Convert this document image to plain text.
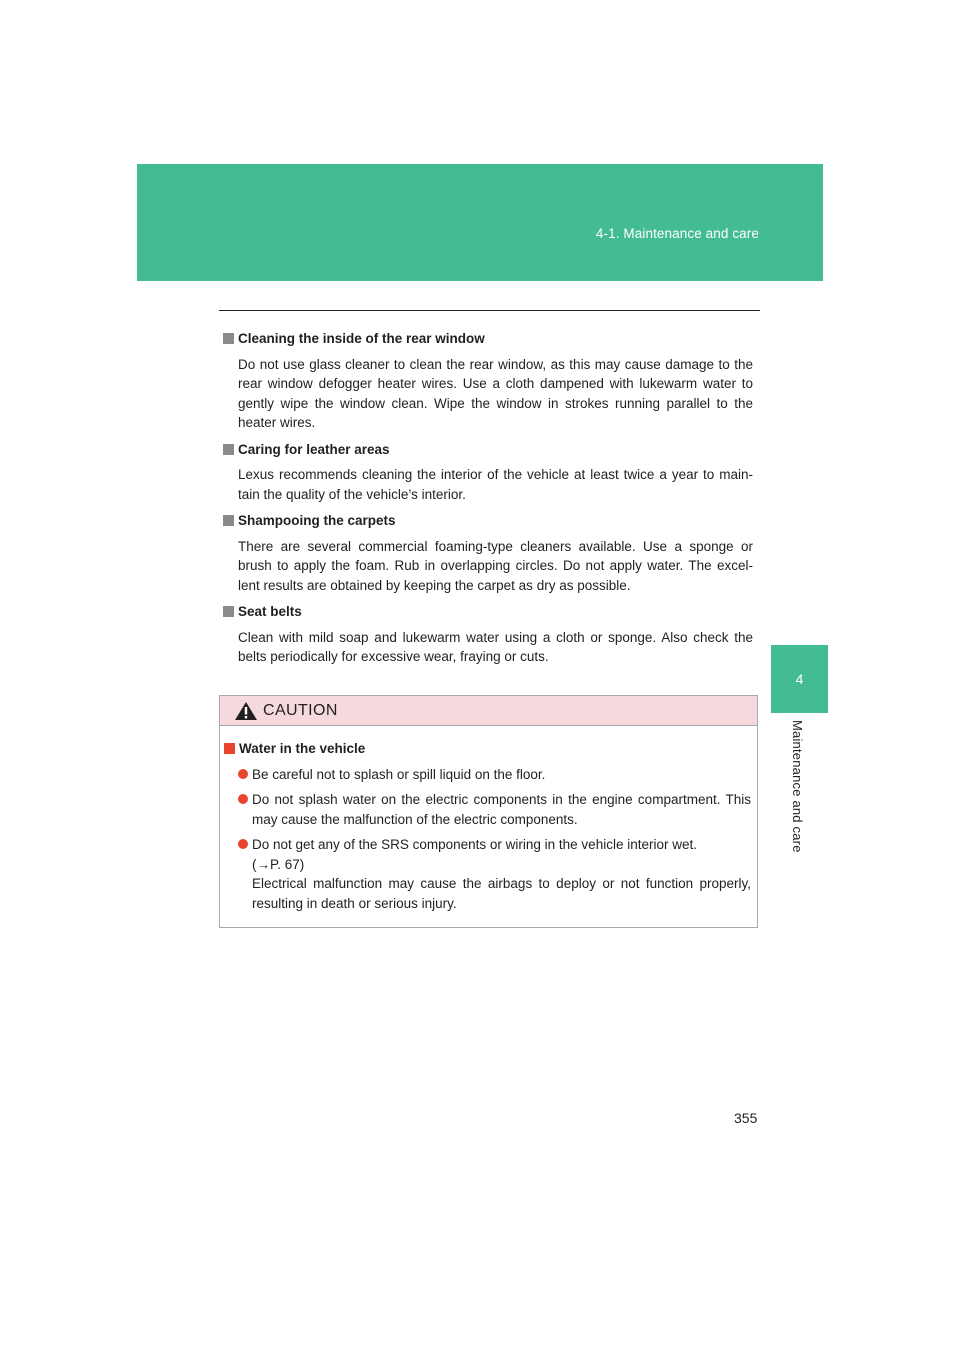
4-1. Maintenance and care
4
Maintenance and care
Cleaning the inside of the rear window
Do not use glass cleaner to clean the rear window, as this may cause damage to the rear window defogger heater wires. Use a cloth dampened with lukewarm water to gently wipe the window clean. Wipe the window in strokes running parallel to the heater wires.
Caring for leather areas
Lexus recommends cleaning the interior of the vehicle at least twice a year to main- tain the quality of the vehicle’s interior.
Shampooing the carpets
There are several commercial foaming-type cleaners available. Use a sponge or brush to apply the foam. Rub in overlapping circles. Do not apply water. The excel- lent results are obtained by keeping the carpet as dry as possible.
Seat belts
Clean with mild soap and lukewarm water using a cloth or sponge. Also check the belts periodically for excessive wear, fraying or cuts.
CAUTION
Water in the vehicle
Be careful not to splash or spill liquid on the floor.
Do not splash water on the electric components in the engine compartment. This may cause the malfunction of the electric components.
Do not get any of the SRS components or wiring in the vehicle interior wet.
(→P. 67)
Electrical malfunction may cause the airbags to deploy or not function properly, resulting in death or serious injury.
355
